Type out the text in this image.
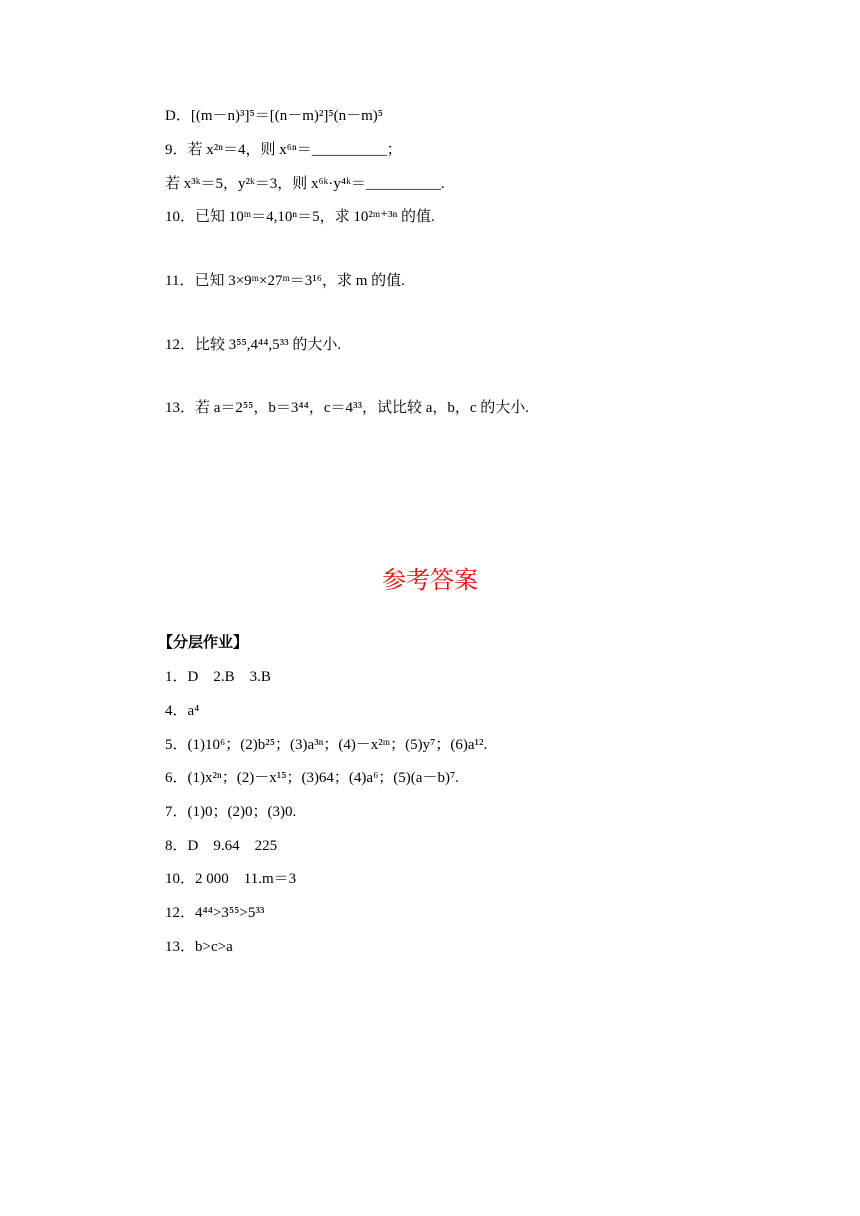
D．[(m－n)³]⁵＝[(n－m)²]⁵(n－m)⁵
9．若 x²ⁿ＝4，则 x⁶ⁿ＝__________；
若 x³ᵏ＝5，y²ᵏ＝3，则 x⁶ᵏ·y⁴ᵏ＝__________.
10．已知 10ᵐ＝4,10ⁿ＝5，求 10²ᵐ⁺³ⁿ 的值.
11．已知 3×9ᵐ×27ᵐ＝3¹⁶，求 m 的值.
12．比较 3⁵⁵,4⁴⁴,5³³ 的大小.
13．若 a＝2⁵⁵，b＝3⁴⁴，c＝4³³，试比较 a，b，c 的大小.
参考答案
【分层作业】
1．D　2.B　3.B
4．a⁴
5．(1)10⁶；(2)b²⁵；(3)a³ⁿ；(4)－x²ᵐ；(5)y⁷；(6)a¹².
6．(1)x²ⁿ；(2)－x¹⁵；(3)64；(4)a⁶；(5)(a－b)⁷.
7．(1)0；(2)0；(3)0.
8．D　9.64　225
10．2 000　11.m＝3
12．4⁴⁴>3⁵⁵>5³³
13．b>c>a
